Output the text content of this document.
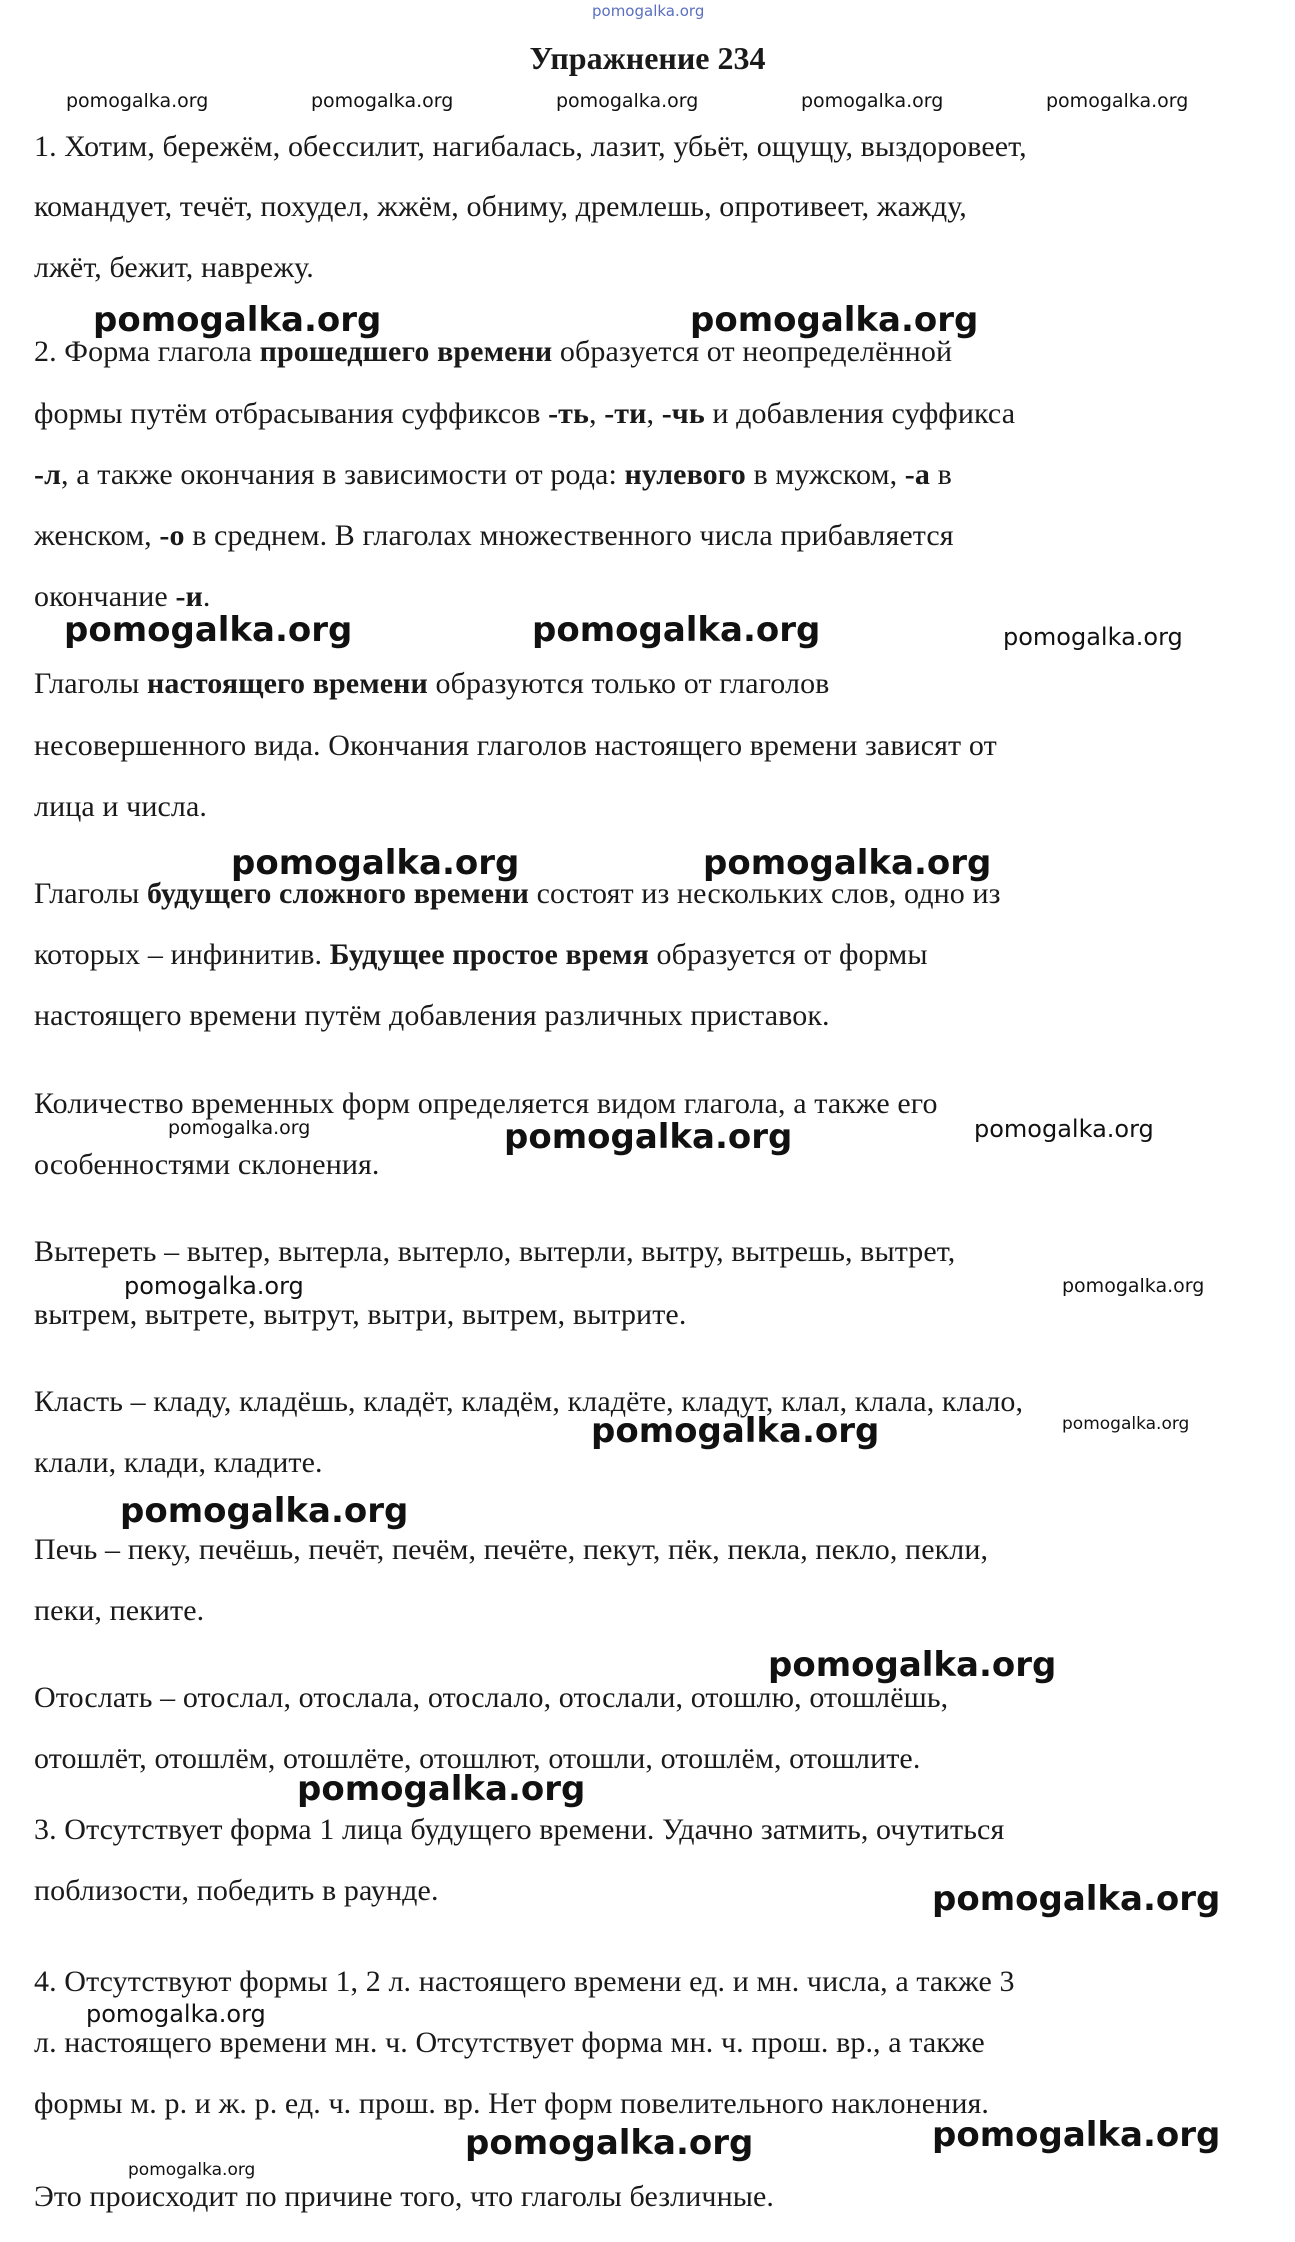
pomogalka.org
Упражнение 234
pomogalka.org	pomogalka.org	pomogalka.org	pomogalka.org	pomogalka.org
1. Хотим, бережём, обессилит, нагибалась, лазит, убьёт, ощущу, выздоровеет,
командует, течёт, похудел, жжём, обниму, дремлешь, опротивеет, жажду,
лжёт, бежит, наврежу.
pomogalka.org	pomogalka.org
2. Форма глагола прошедшего времени образуется от неопределённой
формы путём отбрасывания суффиксов -ть, -ти, -чь и добавления суффикса
-л, а также окончания в зависимости от рода: нулевого в мужском, -а в
женском, -о в среднем. В глаголах множественного числа прибавляется
окончание -и.
pomogalka.org	pomogalka.org	pomogalka.org
Глаголы настоящего времени образуются только от глаголов
несовершенного вида. Окончания глаголов настоящего времени зависят от
лица и числа.
pomogalka.org	pomogalka.org
Глаголы будущего сложного времени состоят из нескольких слов, одно из
которых – инфинитив. Будущее простое время образуется от формы
настоящего времени путём добавления различных приставок.
Количество временных форм определяется видом глагола, а также его
pomogalka.org	pomogalka.org	pomogalka.org
особенностями склонения.
Вытереть – вытер, вытерла, вытерло, вытерли, вытру, вытрешь, вытрет,
pomogalka.org	pomogalka.org
вытрем, вытрете, вытрут, вытри, вытрем, вытрите.
Класть – кладу, кладёшь, кладёт, кладём, кладёте, кладут, клал, клала, клало,
pomogalka.org
pomogalka.org
клали, клади, кладите.
pomogalka.org
Печь – пеку, печёшь, печёт, печём, печёте, пекут, пёк, пекла, пекло, пекли,
пеки, пеките.
pomogalka.org
Отослать – отослал, отослала, отослало, отослали, отошлю, отошлёшь,
отошлёт, отошлём, отошлёте, отошлют, отошли, отошлём, отошлите.
pomogalka.org
3. Отсутствует форма 1 лица будущего времени. Удачно затмить, очутиться
поблизости, победить в раунде.	pomogalka.org
4. Отсутствуют формы 1, 2 л. настоящего времени ед. и мн. числа, а также 3
pomogalka.org
л. настоящего времени мн. ч. Отсутствует форма мн. ч. прош. вр., а также
формы м. р. и ж. р. ед. ч. прош. вр. Нет форм повелительного наклонения.
pomogalka.org
pomogalka.org	pomogalka.org
Это происходит по причине того, что глаголы безличные.
